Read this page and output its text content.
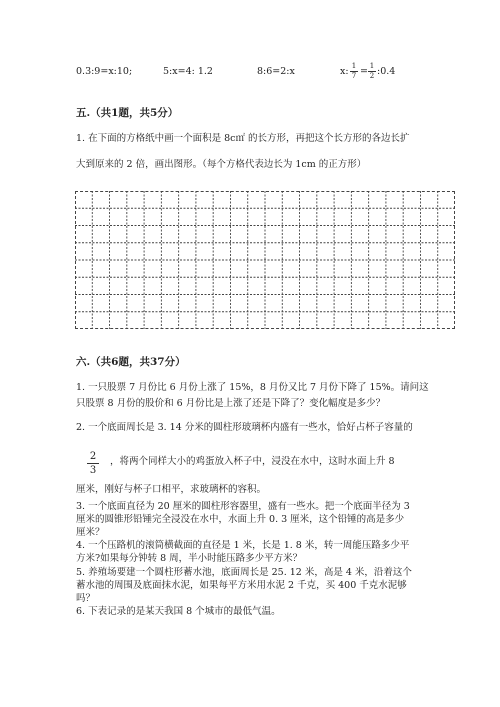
0.3:9=x:10;	5:x=4: 1.2	8:6=2:x	x: 1
7 = 1
2 :0.4
五.（共1题，共5分）
1. 在下面的方格纸中画一个面积是 8c㎡ 的长方形，再把这个长方形的各边长扩
大到原来的 2 倍，画出图形。（每个方格代表边长为 1cm 的正方形）
六.（共6题，共37分）
1. 一只股票 7 月份比 6 月份上涨了 15%，8 月份又比 7 月份下降了 15%。请问这
只股票 8 月份的股价和 6 月份比是上涨了还是下降了？变化幅度是多少？
2. 一个底面周长是 3. 14 分米的圆柱形玻璃杯内盛有一些水，恰好占杯子容量的
2
3
，将两个同样大小的鸡蛋放入杯子中，浸没在水中，这时水面上升 8
厘米，刚好与杯子口相平，求玻璃杯的容积。
3. 一个底面直径为 20 厘米的圆柱形容器里，盛有一些水。把一个底面半径为 3
厘米的圆锥形铅锤完全浸没在水中，水面上升 0. 3 厘米，这个铅锤的高是多少
厘米？
4. 一个压路机的滚筒横截面的直径是 1 米，长是 1. 8 米，转一周能压路多少平
方米?如果每分钟转 8 周，半小时能压路多少平方米？
5. 养殖场要建一个圆柱形蓄水池，底面周长是 25. 12 米，高是 4 米，沿着这个
蓄水池的周围及底面抹水泥，如果每平方米用水泥 2 千克，买 400 千克水泥够
吗？
6. 下表记录的是某天我国 8 个城市的最低气温。
